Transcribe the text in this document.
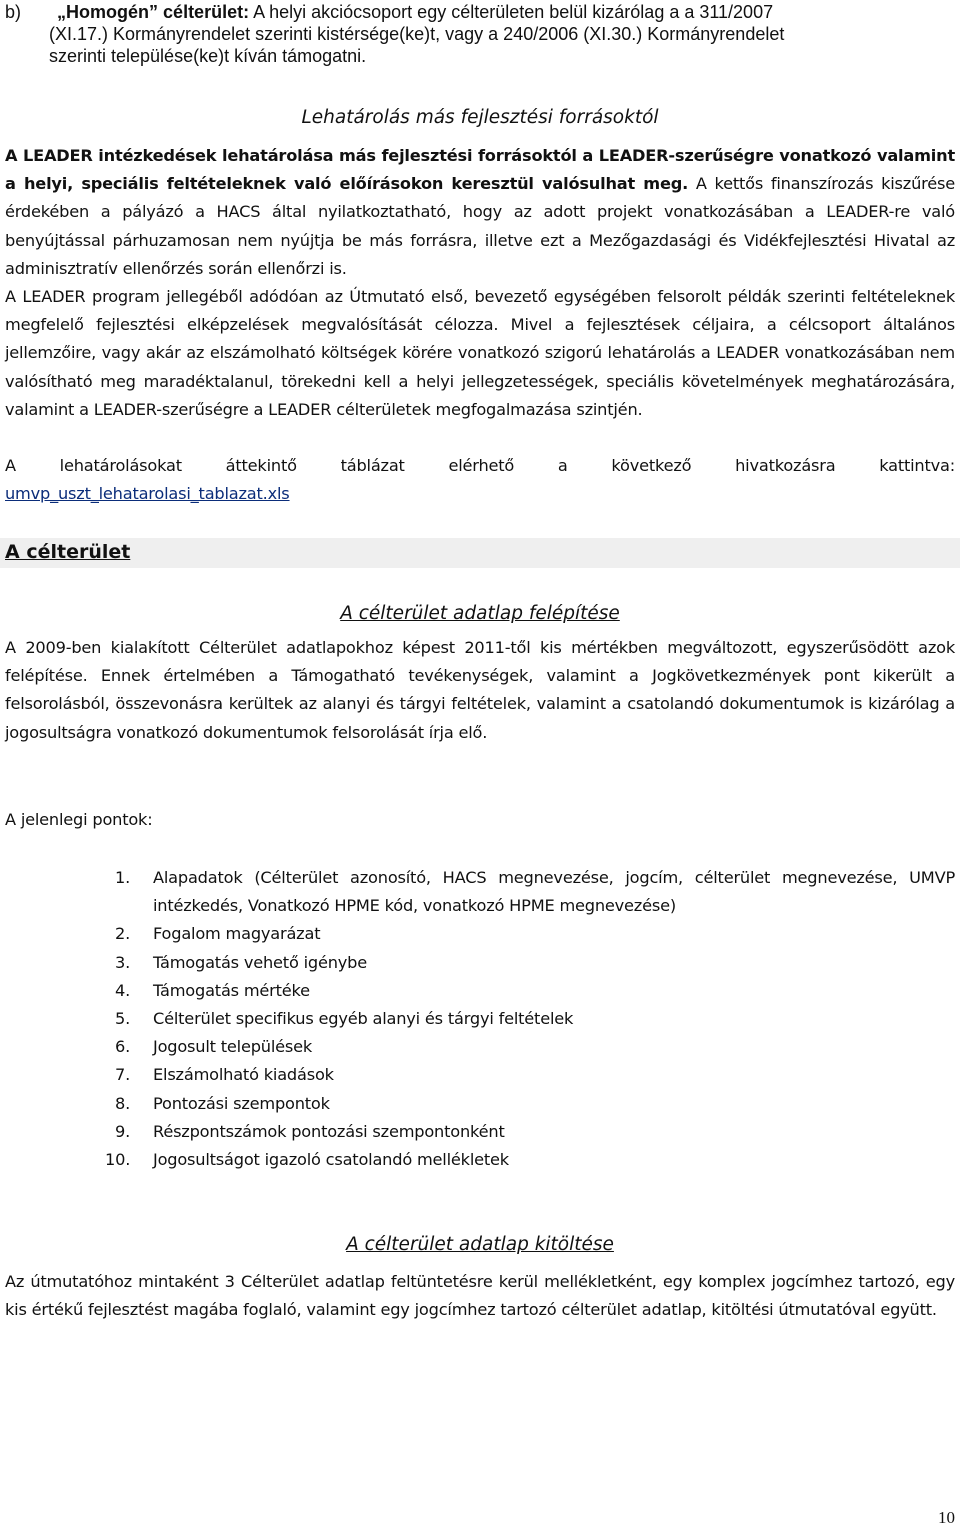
b) „Homogén” célterület: A helyi akciócsoport egy célterületen belül kizárólag a a 311/2007
(XI.17.) Kormányrendelet szerinti kistérsége(ke)t, vagy a 240/2006 (XI.30.) Kormányrendelet
szerinti települése(ke)t kíván támogatni.
Lehatárolás más fejlesztési forrásoktól

A LEADER intézkedések lehatárolása más fejlesztési forrásoktól a LEADER-szerűségre vonatkozó valamint a helyi, speciális feltételeknek való előírásokon keresztül valósulhat meg. A kettős finanszírozás kiszűrése érdekében a pályázó a HACS által nyilatkoztatható, hogy az adott projekt vonatkozásában a LEADER-re való benyújtással párhuzamosan nem nyújtja be más forrásra, illetve ezt a Mezőgazdasági és Vidékfejlesztési Hivatal az adminisztratív ellenőrzés során ellenőrzi is.

A LEADER program jellegéből adódóan az Útmutató első, bevezető egységében felsorolt példák szerinti feltételeknek megfelelő fejlesztési elképzelések megvalósítását célozza. Mivel a fejlesztések céljaira, a célcsoport általános jellemzőire, vagy akár az elszámolható költségek körére vonatkozó szigorú lehatárolás a LEADER vonatkozásában nem valósítható meg maradéktalanul, törekedni kell a helyi jellegzetességek, speciális követelmények meghatározására, valamint a LEADER-szerűségre a LEADER célterületek megfogalmazása szintjén.

A lehatárolásokat áttekintő táblázat elérhető a következő hivatkozásra kattintva:

umvp_uszt_lehatarolasi_tablazat.xls
A célterület
A célterület adatlap felépítése

A 2009-ben kialakított Célterület adatlapokhoz képest 2011-től kis mértékben megváltozott, egyszerűsödött azok felépítése. Ennek értelmében a Támogatható tevékenységek, valamint a Jogkövetkezmények pont kikerült a felsorolásból, összevonásra kerültek az alanyi és tárgyi feltételek, valamint a csatolandó dokumentumok is kizárólag a jogosultságra vonatkozó dokumentumok felsorolását írja elő.

A jelenlegi pontok:

1. Alapadatok (Célterület azonosító, HACS megnevezése, jogcím, célterület megnevezése, UMVP intézkedés, Vonatkozó HPME kód, vonatkozó HPME megnevezése)
2. Fogalom magyarázat
3. Támogatás vehető igénybe
4. Támogatás mértéke
5. Célterület specifikus egyéb alanyi és tárgyi feltételek
6. Jogosult települések
7. Elszámolható kiadások
8. Pontozási szempontok
9. Részpontszámok pontozási szempontonként
10. Jogosultságot igazoló csatolandó mellékletek
A célterület adatlap kitöltése

Az útmutatóhoz mintaként 3 Célterület adatlap feltüntetésre kerül mellékletként, egy komplex jogcímhez tartozó, egy kis értékű fejlesztést magába foglaló, valamint egy jogcímhez tartozó célterület adatlap, kitöltési útmutatóval együtt.

10
